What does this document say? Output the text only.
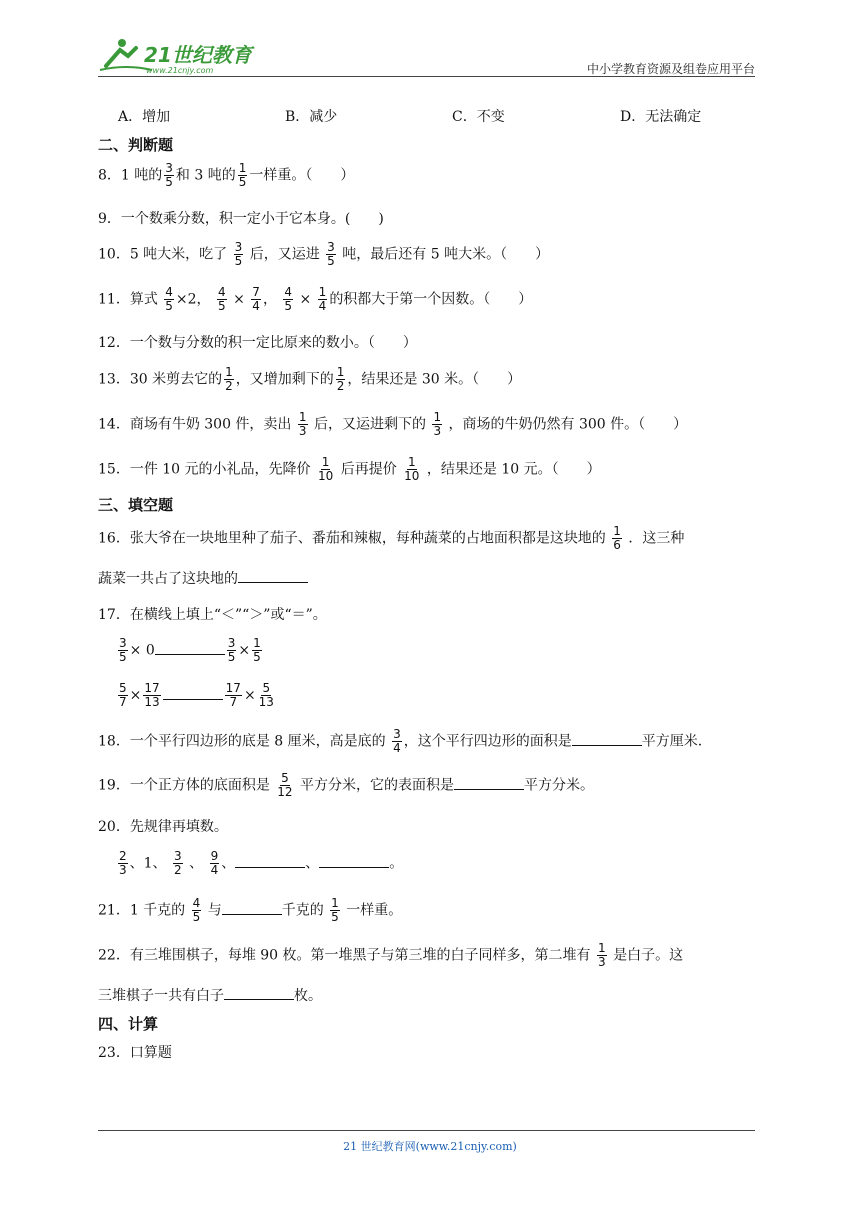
21世纪教育
www.21cnjy.com	中小学教育资源及组卷应用平台
A．增加	B．减少	C．不变	D．无法确定
二、判断题
8．1 吨的 $\frac{3}{5}$ 和 3 吨的 $\frac{1}{5}$ 一样重。（　　）
9．一个数乘分数，积一定小于它本身。(　　)
10．5 吨大米，吃了 $\frac{3}{5}$ 后，又运进 $\frac{3}{5}$ 吨，最后还有 5 吨大米。（　　）
11．算式 $\frac{4}{5} \times 2$， $\frac{4}{5} \times \frac{7}{4}$ ， $\frac{4}{5} \times \frac{1}{4}$ 的积都大于第一个因数。（　　）
12．一个数与分数的积一定比原来的数小。（　　）
13．30 米剪去它的 $\frac{1}{2}$ ，又增加剩下的 $\frac{1}{2}$ ，结果还是 30 米。（　　）
14．商场有牛奶 300 件，卖出 $\frac{1}{3}$ 后，又运进剩下的 $\frac{1}{3}$ ，商场的牛奶仍然有 300 件。（　　）
15．一件 10 元的小礼品，先降价 $\frac{1}{10}$ 后再提价 $\frac{1}{10}$ ，结果还是 10 元。（　　）
三、填空题
16．张大爷在一块地里种了茄子、番茄和辣椒，每种蔬菜的占地面积都是这块地的 $\frac{1}{6}$ ．这三种
蔬菜一共占了这块地的
17．在横线上填上“＜”“＞”或“＝”。
$\frac{3}{5} \times 0$	$\frac{3}{5} \times \frac{1}{5}$
$\frac{5}{7} \times \frac{17}{13}$	$\frac{17}{7} \times \frac{5}{13}$
18．一个平行四边形的底是 8 厘米，高是底的 $\frac{3}{4}$ ，这个平行四边形的面积是	平方厘米.
19．一个正方体的底面积是 $\frac{5}{12}$ 平方分米，它的表面积是	平方分米。
20．先规律再填数。
$\frac{2}{3}$ 、1、 $\frac{3}{2}$ 、 $\frac{9}{4}$ 、	、	。
21．1 千克的 $\frac{4}{5}$ 与	千克的 $\frac{1}{5}$ 一样重。
22．有三堆围棋子，每堆 90 枚。第一堆黑子与第三堆的白子同样多，第二堆有 $\frac{1}{3}$ 是白子。这
三堆棋子一共有白子	枚。
四、计算
23．口算题
21 世纪教育网(www.21cnjy.com)
